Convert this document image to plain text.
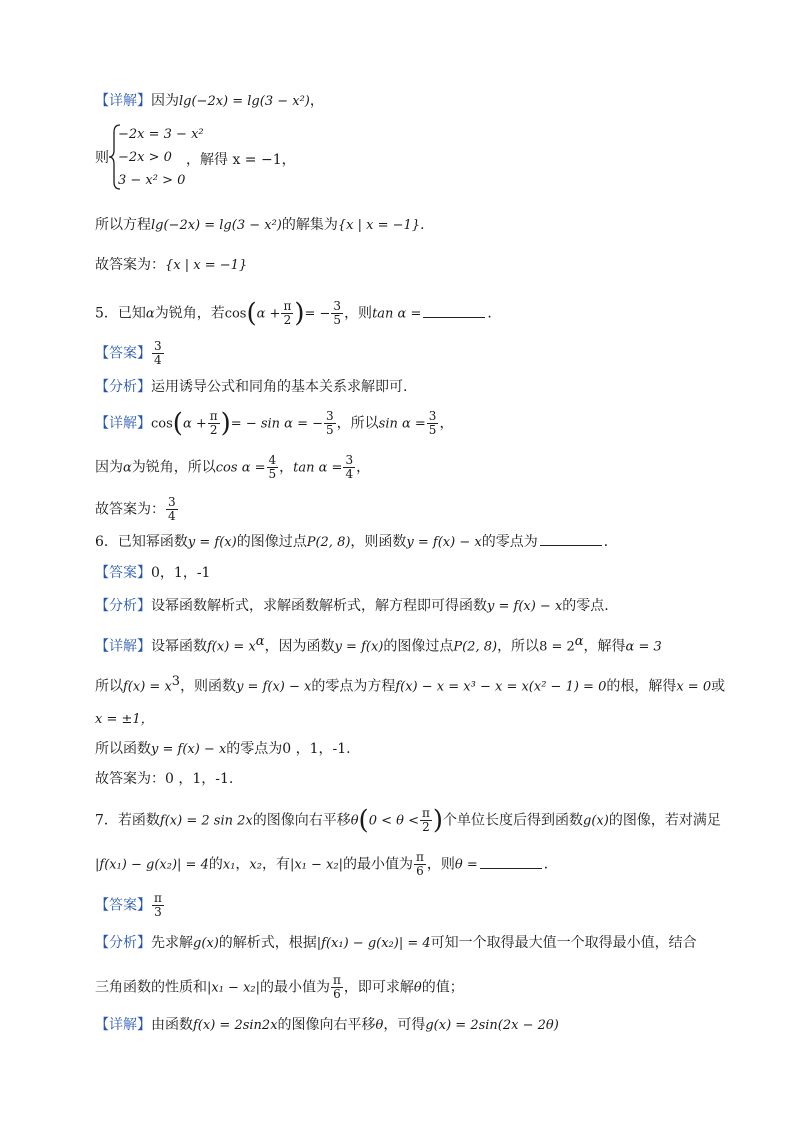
【详解】因为lg(−2x) = lg(3 − x²)，
则
−2x = 3 − x²
−2x > 0
3 − x² > 0
，解得 x = −1，
所以方程lg(−2x) = lg(3 − x²)的解集为{x | x = −1}.
故答案为：{x | x = −1}
5．已知α为锐角，若$\cos(\alpha + \frac{\pi}{2}$ )= − $\frac{3}{5}$ ，则tan α =	．
【答案】 $\frac{3}{4}$
【分析】运用诱导公式和同角的基本关系求解即可.
【详解】$\cos(\alpha + \frac{\pi}{2}$ )= − sin α = − $\frac{3}{5}$ ，所以$\sin \alpha = \frac{3}{5}$ ，
因为α为锐角，所以$\cos \alpha = \frac{4}{5}$ ，$\tan \alpha = \frac{3}{4}$ ，
故答案为： $\frac{3}{4}$
6．已知幂函数y = f(x)的图像过点P(2, 8)，则函数y = f(x) − x的零点为	．
【答案】0，1，-1
【分析】设幂函数解析式，求解函数解析式，解方程即可得函数y = f(x) − x的零点.
【详解】设幂函数$f(x) = x^\alpha$，因为函数y = f(x)的图像过点P(2, 8)，所以$8 = 2^\alpha$，解得α = 3
所以$f(x) = x^3$，则函数y = f(x) − x的零点为方程f(x) − x = x³ − x = x(x² − 1) = 0的根，解得x = 0或
x = ±1，
所以函数y = f(x) − x的零点为0 ，1，-1.
故答案为：0 ，1，-1.
7．若函数f(x) = 2 sin 2x的图像向右平移$\theta(0 < \theta < \frac{\pi}{2}$ )个单位长度后得到函数g(x)的图像，若对满足
|f(x₁) − g(x₂)| = 4的x₁，x₂，有|x₁ − x₂|的最小值为 $\frac{\pi}{6}$ ，则θ =	．
【答案】 $\frac{\pi}{3}$
【分析】先求解g(x)的解析式，根据|f(x₁) − g(x₂)| = 4可知一个取得最大值一个取得最小值，结合
三角函数的性质和|x₁ − x₂|的最小值为 $\frac{\pi}{6}$ ，即可求解θ的值；
【详解】由函数f(x) = 2sin2x的图像向右平移θ，可得g(x) = 2sin(2x − 2θ)
